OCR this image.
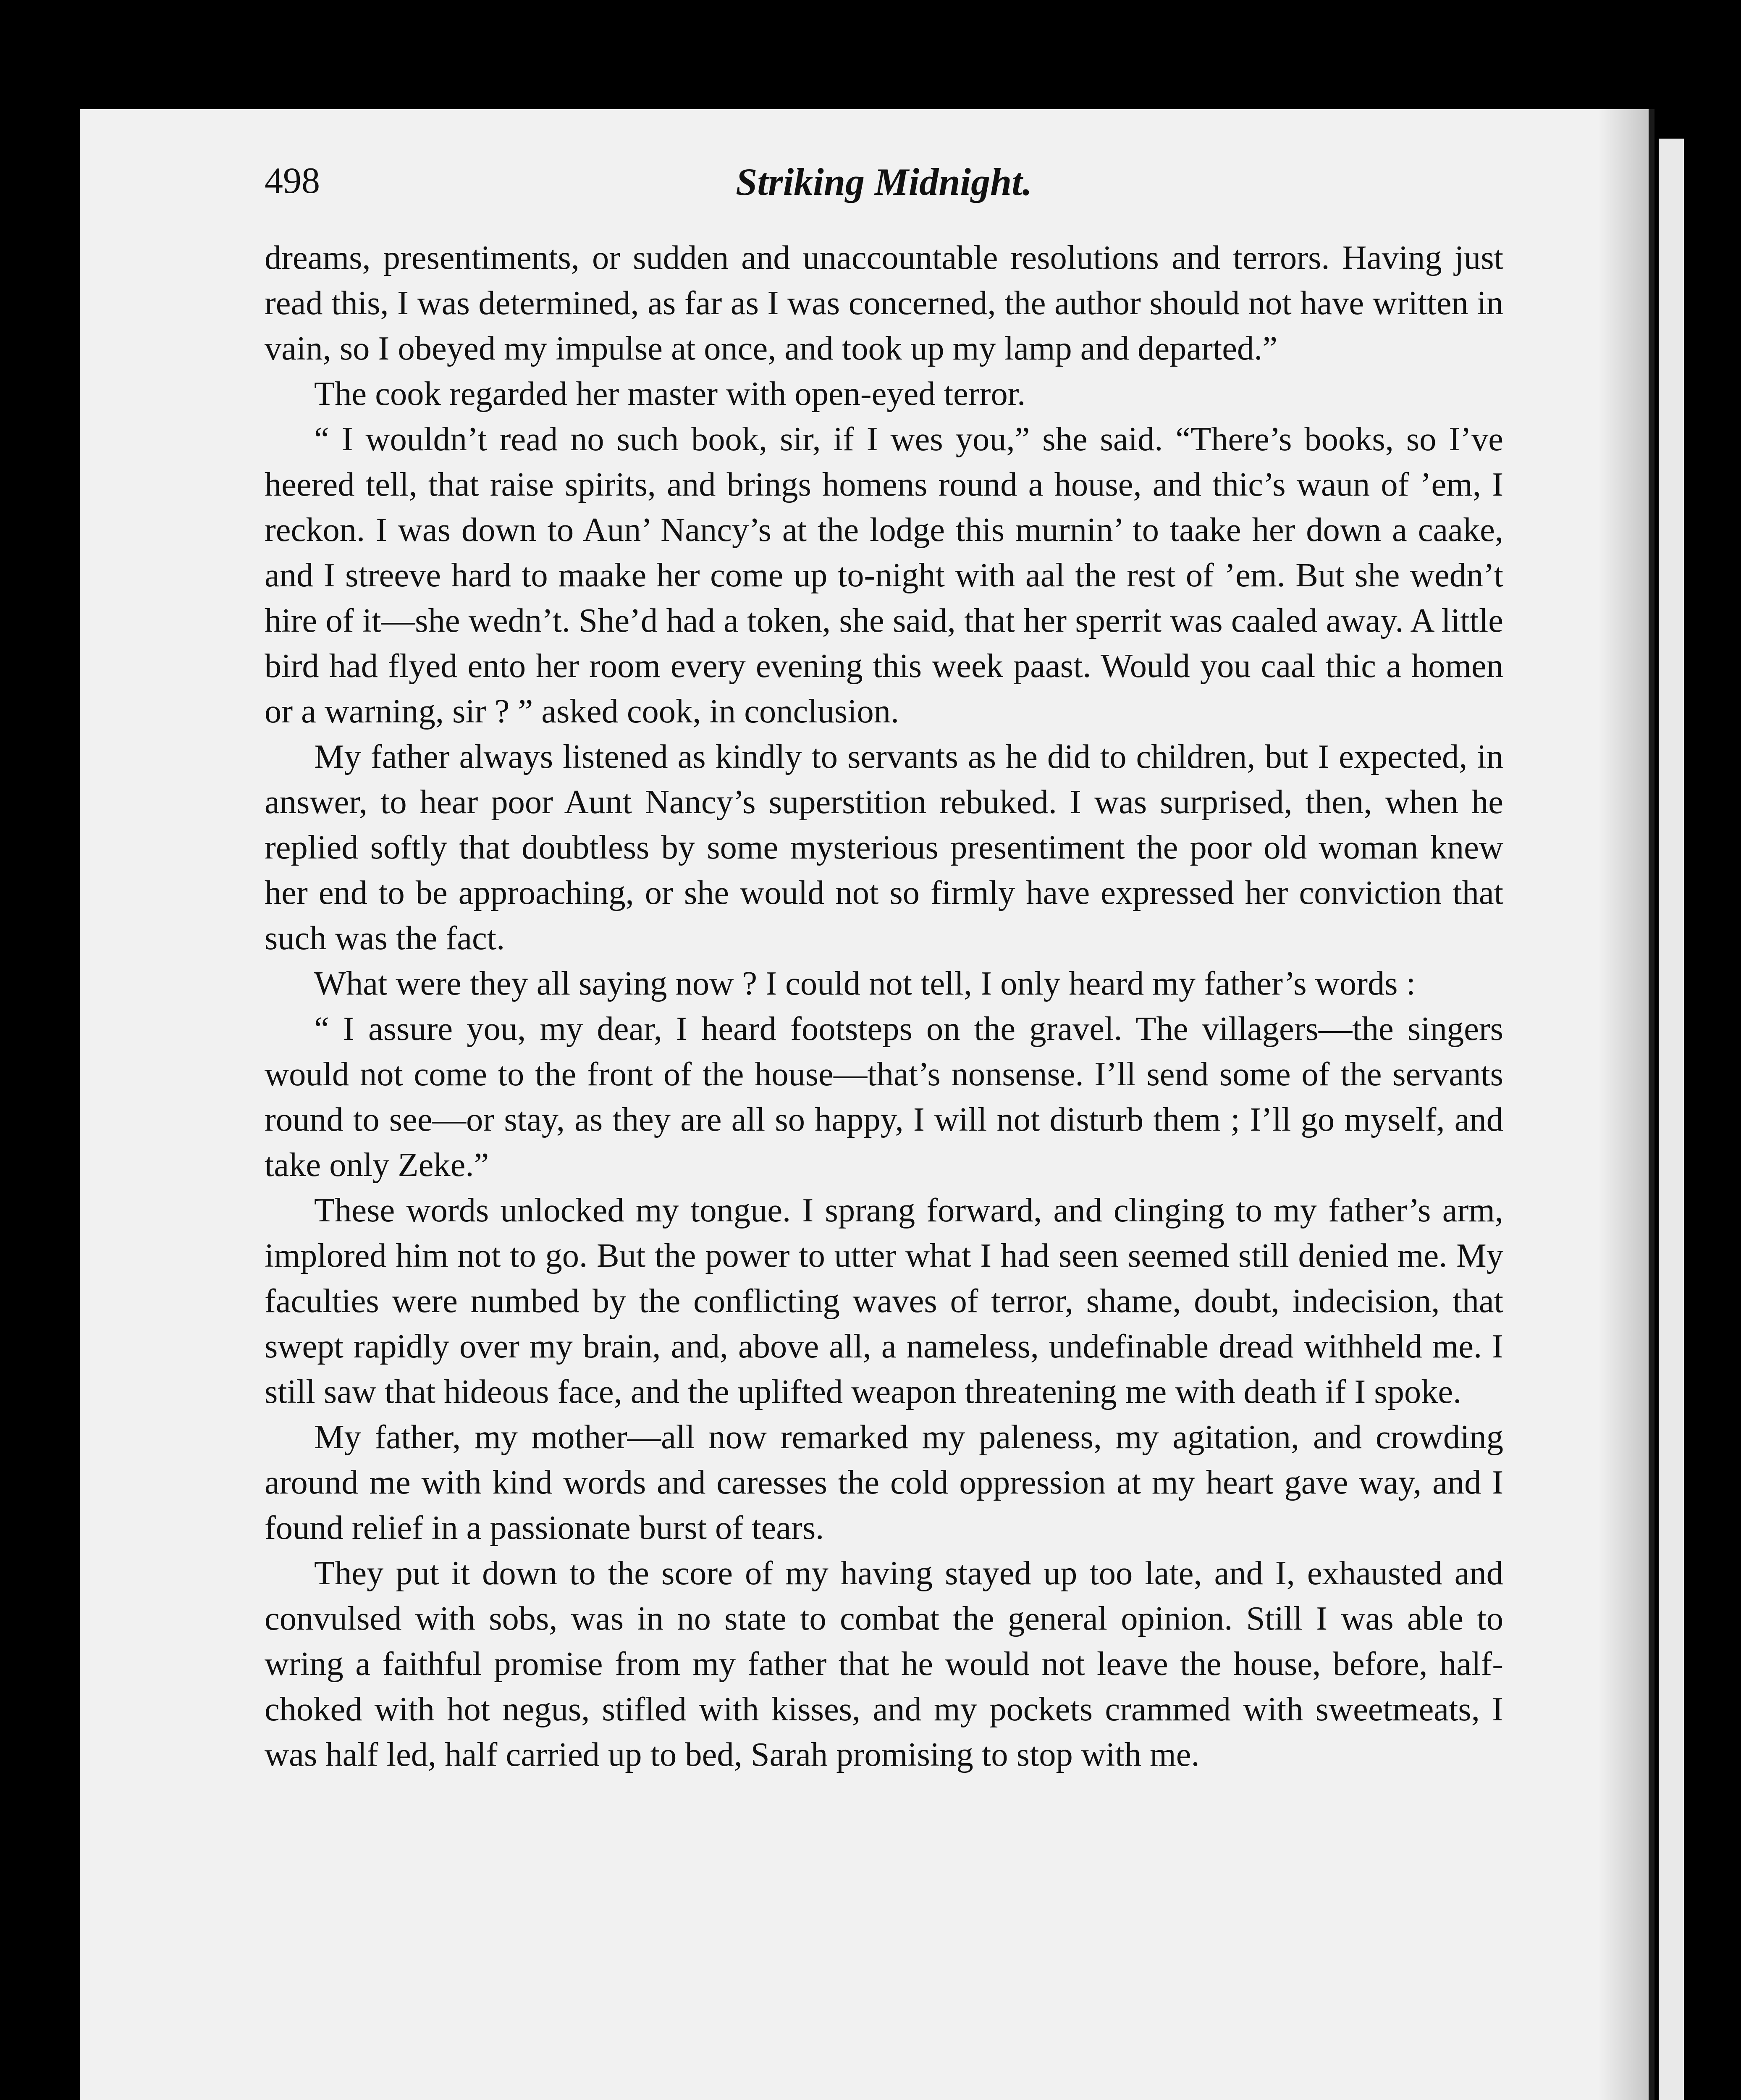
498	Striking Midnight.

dreams, presentiments, or sudden and unaccountable resolutions and terrors. Having just read this, I was determined, as far as I was concerned, the author should not have written in vain, so I obeyed my impulse at once, and took up my lamp and departed.”

The cook regarded her master with open-eyed terror.

“ I wouldn’t read no such book, sir, if I wes you,” she said. “There’s books, so I’ve heered tell, that raise spirits, and brings homens round a house, and thic’s waun of ’em, I reckon. I was down to Aun’ Nancy’s at the lodge this murnin’ to taake her down a caake, and I streeve hard to maake her come up to-night with aal the rest of ’em. But she wedn’t hire of it—she wedn’t. She’d had a token, she said, that her sperrit was caaled away. A little bird had flyed ento her room every evening this week paast. Would you caal thic a homen or a warning, sir ? ” asked cook, in conclusion.

My father always listened as kindly to servants as he did to children, but I expected, in answer, to hear poor Aunt Nancy’s superstition rebuked. I was surprised, then, when he replied softly that doubtless by some mysterious presentiment the poor old woman knew her end to be approaching, or she would not so firmly have expressed her conviction that such was the fact.

What were they all saying now ? I could not tell, I only heard my father’s words :

“ I assure you, my dear, I heard footsteps on the gravel. The villagers—the singers would not come to the front of the house—that’s nonsense. I’ll send some of the servants round to see—or stay, as they are all so happy, I will not disturb them ; I’ll go myself, and take only Zeke.”

These words unlocked my tongue. I sprang forward, and clinging to my father’s arm, implored him not to go. But the power to utter what I had seen seemed still denied me. My faculties were numbed by the conflicting waves of terror, shame, doubt, indecision, that swept rapidly over my brain, and, above all, a nameless, undefinable dread withheld me. I still saw that hideous face, and the uplifted weapon threatening me with death if I spoke.

My father, my mother—all now remarked my paleness, my agitation, and crowding around me with kind words and caresses the cold oppression at my heart gave way, and I found relief in a passionate burst of tears.

They put it down to the score of my having stayed up too late, and I, exhausted and convulsed with sobs, was in no state to combat the general opinion. Still I was able to wring a faithful promise from my father that he would not leave the house, before, half-choked with hot negus, stifled with kisses, and my pockets crammed with sweetmeats, I was half led, half carried up to bed, Sarah promising to stop with me.
